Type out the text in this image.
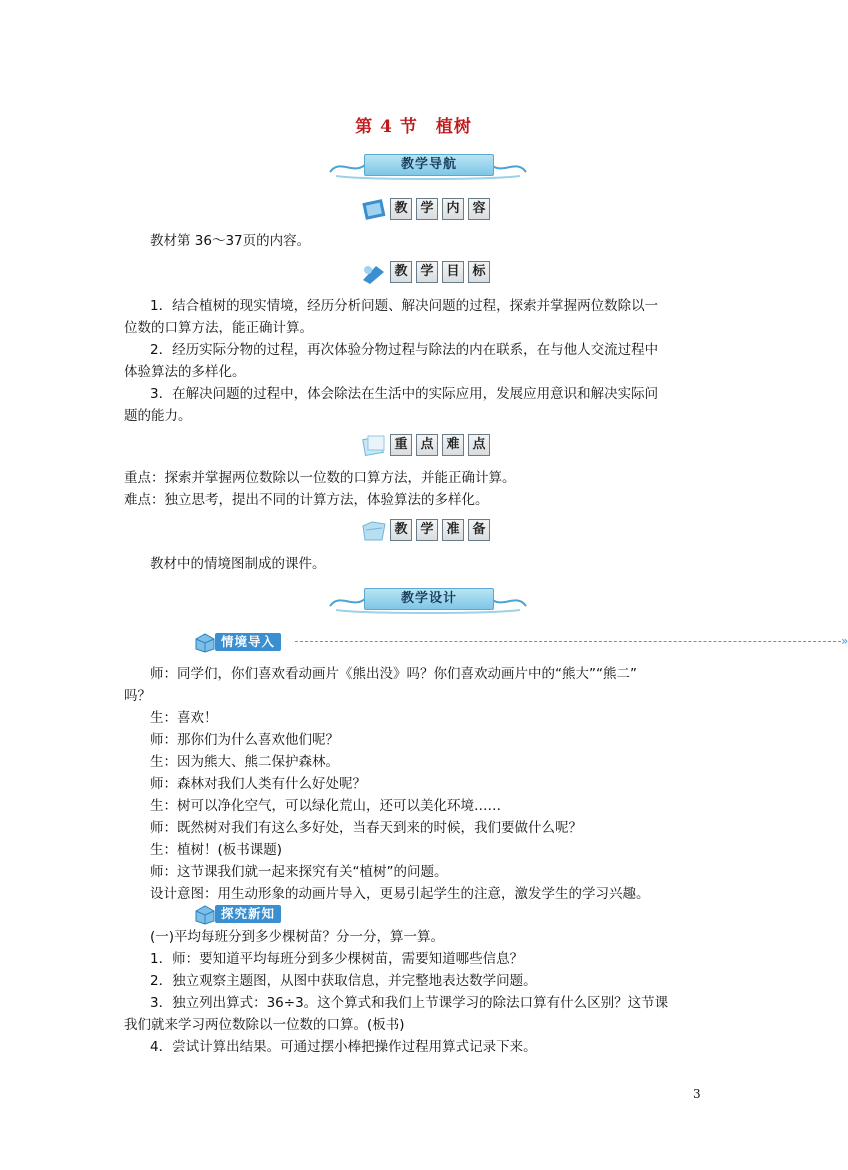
第 4 节 植树
教学导航
教 学 内 容
教材第 36～37页的内容。
教 学 目 标
1．结合植树的现实情境，经历分析问题、解决问题的过程，探索并掌握两位数除以一
位数的口算方法，能正确计算。
2．经历实际分物的过程，再次体验分物过程与除法的内在联系，在与他人交流过程中
体验算法的多样化。
3．在解决问题的过程中，体会除法在生活中的实际应用，发展应用意识和解决实际问
题的能力。
重 点 难 点
重点：探索并掌握两位数除以一位数的口算方法，并能正确计算。
难点：独立思考，提出不同的计算方法，体验算法的多样化。
教 学 准 备
教材中的情境图制成的课件。
教学设计
情境导入	»
师：同学们，你们喜欢看动画片《熊出没》吗？你们喜欢动画片中的“熊大”“熊二”
吗？
生：喜欢！
师：那你们为什么喜欢他们呢？
生：因为熊大、熊二保护森林。
师：森林对我们人类有什么好处呢？
生：树可以净化空气，可以绿化荒山，还可以美化环境……
师：既然树对我们有这么多好处，当春天到来的时候，我们要做什么呢？
生：植树！(板书课题)
师：这节课我们就一起来探究有关“植树”的问题。
设计意图：用生动形象的动画片导入，更易引起学生的注意，激发学生的学习兴趣。
探究新知
(一)平均每班分到多少棵树苗？分一分，算一算。
1．师：要知道平均每班分到多少棵树苗，需要知道哪些信息？
2．独立观察主题图，从图中获取信息，并完整地表达数学问题。
3．独立列出算式：36÷3。这个算式和我们上节课学习的除法口算有什么区别？这节课
我们就来学习两位数除以一位数的口算。(板书)
4．尝试计算出结果。可通过摆小棒把操作过程用算式记录下来。
3
